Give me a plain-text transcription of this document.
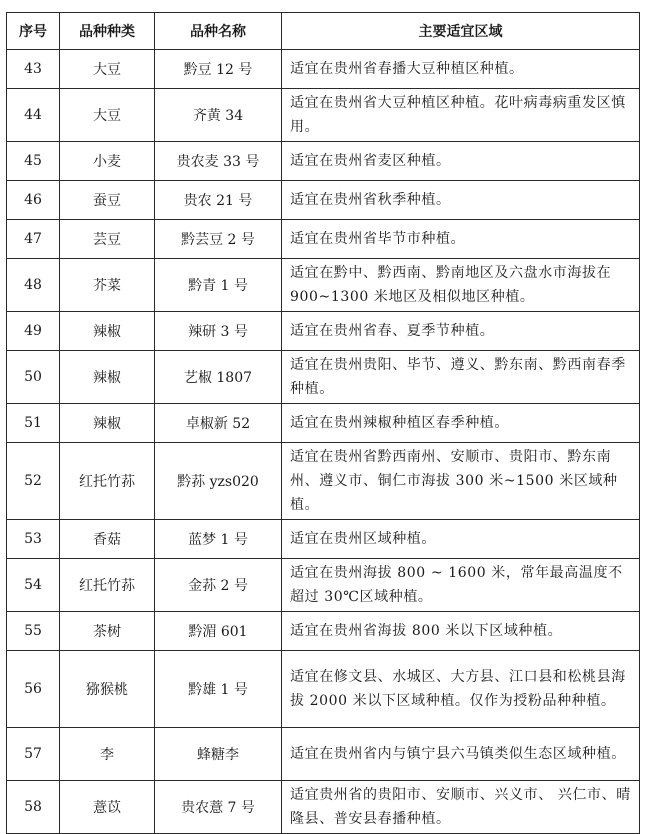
序号	品种种类	品种名称	主要适宜区域
43	大豆	黔豆 12 号	适宜在贵州省春播大豆种植区种植。
44	大豆	齐黄 34	适宜在贵州省大豆种植区种植。花叶病毒病重发区慎用。
45	小麦	贵农麦 33 号	适宜在贵州省麦区种植。
46	蚕豆	贵农 21 号	适宜在贵州省秋季种植。
47	芸豆	黔芸豆 2 号	适宜在贵州省毕节市种植。
48	芥菜	黔青 1 号	适宜在黔中、黔西南、黔南地区及六盘水市海拔在 900~1300 米地区及相似地区种植。
49	辣椒	辣研 3 号	适宜在贵州省春、夏季节种植。
50	辣椒	艺椒 1807	适宜在贵州贵阳、毕节、遵义、黔东南、黔西南春季种植。
51	辣椒	卓椒新 52	适宜在贵州辣椒种植区春季种植。
52	红托竹荪	黔荪 yzs020	适宜在贵州省黔西南州、安顺市、贵阳市、黔东南州、遵义市、铜仁市海拔 300 米~1500 米区域种植。
53	香菇	蓝梦 1 号	适宜在贵州区域种植。
54	红托竹荪	金荪 2 号	适宜在贵州海拔 800 ~ 1600 米，常年最高温度不超过 30℃区域种植。
55	茶树	黔湄 601	适宜在贵州省海拔 800 米以下区域种植。
56	猕猴桃	黔雄 1 号	适宜在修文县、水城区、大方县、江口县和松桃县海拔 2000 米以下区域种植。仅作为授粉品种种植。
57	李	蜂糖李	适宜在贵州省内与镇宁县六马镇类似生态区域种植。
58	薏苡	贵农薏 7 号	适宜贵州省的贵阳市、安顺市、兴义市、 兴仁市、晴隆县、普安县春播种植。
